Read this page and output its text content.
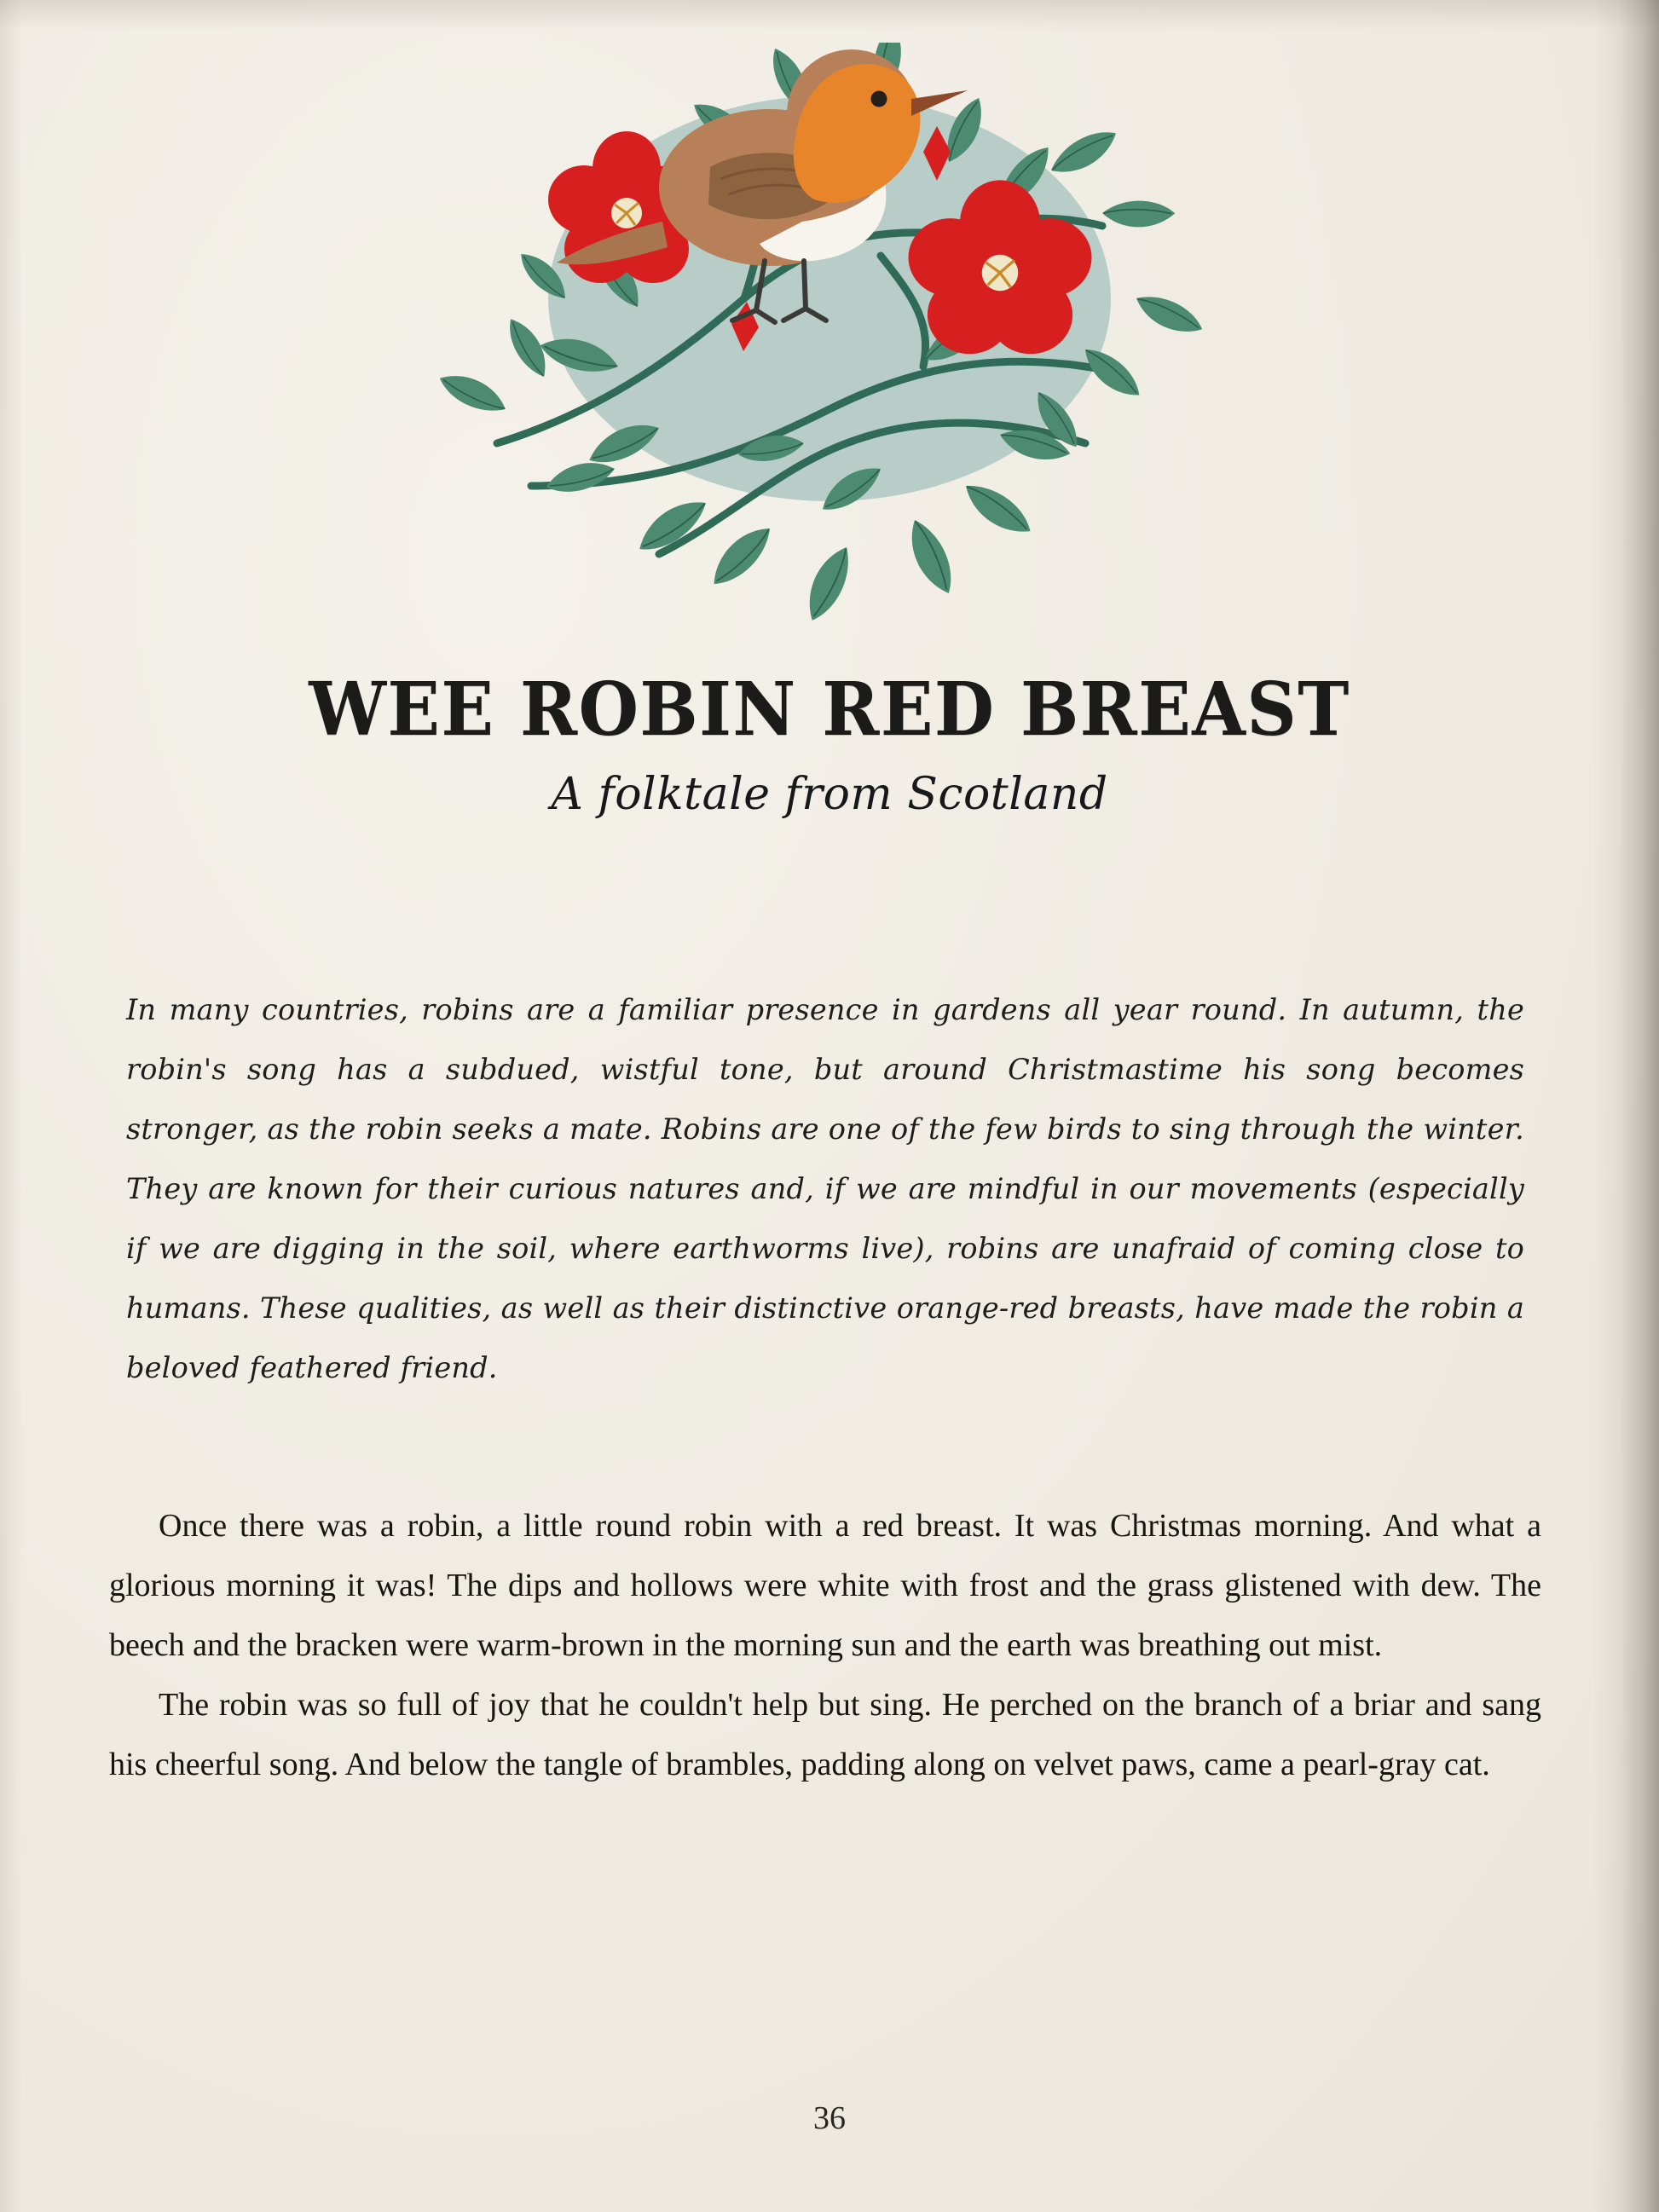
WEE ROBIN RED BREAST
A folktale from Scotland
In many countries, robins are a familiar presence in gardens all year round. In autumn, the robin's song has a subdued, wistful tone, but around Christmastime his song becomes stronger, as the robin seeks a mate. Robins are one of the few birds to sing through the winter. They are known for their curious natures and, if we are mindful in our movements (especially if we are digging in the soil, where earthworms live), robins are unafraid of coming close to humans. These qualities, as well as their distinctive orange-red breasts, have made the robin a beloved feathered friend.

Once there was a robin, a little round robin with a red breast. It was Christmas morning. And what a glorious morning it was! The dips and hollows were white with frost and the grass glistened with dew. The beech and the bracken were warm-brown in the morning sun and the earth was breathing out mist.

The robin was so full of joy that he couldn't help but sing. He perched on the branch of a briar and sang his cheerful song. And below the tangle of brambles, padding along on velvet paws, came a pearl-gray cat.

36
